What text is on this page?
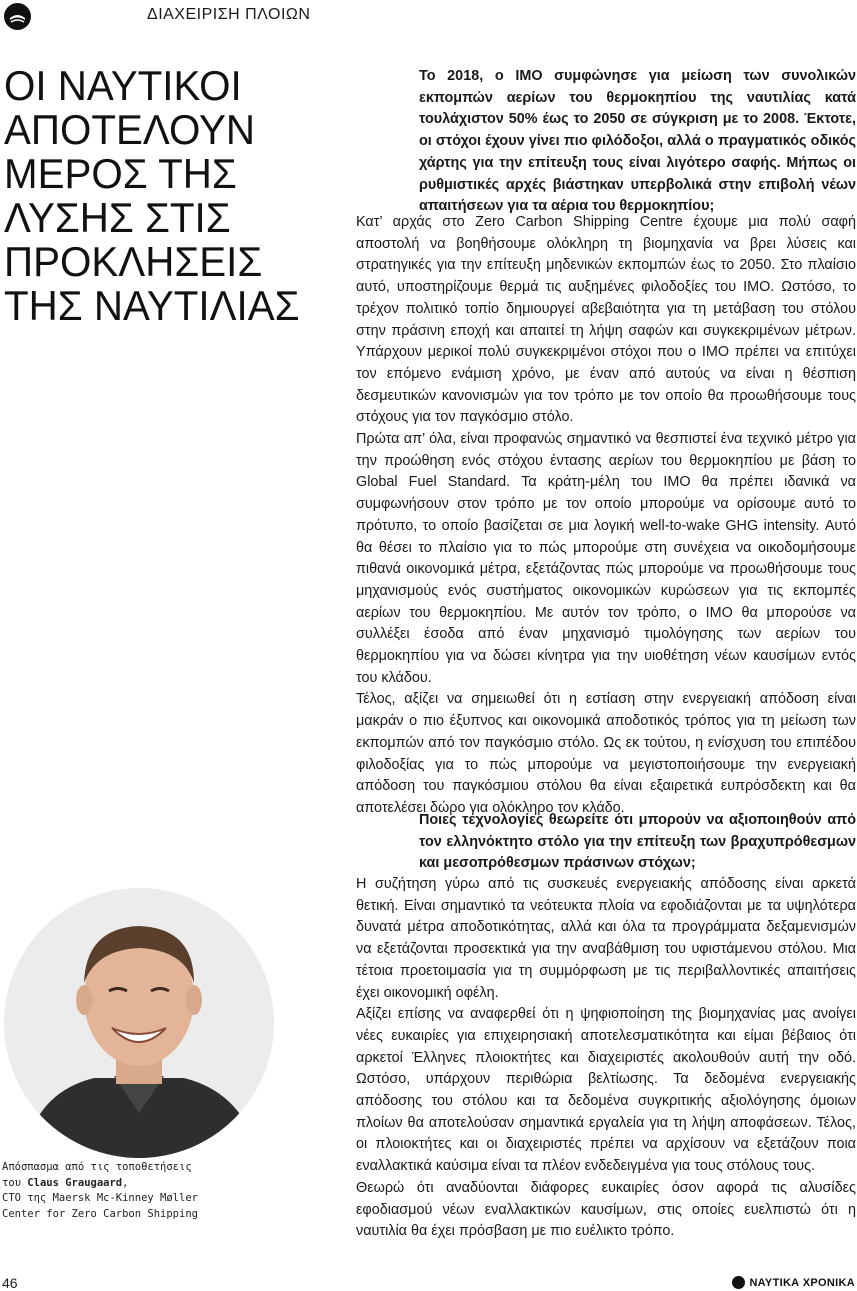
ΔΙΑΧΕΙΡΙΣΗ ΠΛΟΙΩΝ
ΟΙ ΝΑΥΤΙΚΟΙ
ΑΠΟΤΕΛΟΥΝ
ΜΕΡΟΣ ΤΗΣ
ΛΥΣΗΣ ΣΤΙΣ
ΠΡΟΚΛΗΣΕΙΣ
ΤΗΣ ΝΑΥΤΙΛΙΑΣ

Το 2018, ο IMO συμφώνησε για μείωση των συνολικών εκπομπών αερίων του θερμοκηπίου της ναυτιλίας κατά τουλάχιστον 50% έως το 2050 σε σύγκριση με το 2008. Έκτοτε, οι στόχοι έχουν γίνει πιο φιλόδοξοι, αλλά ο πραγματικός οδικός χάρτης για την επίτευξη τους είναι λιγότερο σαφής. Μήπως οι ρυθμιστικές αρχές βιάστηκαν υπερβολικά στην επιβολή νέων απαιτήσεων για τα αέρια του θερμοκηπίου;

Κατ’ αρχάς στο Zero Carbon Shipping Centre έχουμε μια πολύ σαφή αποστολή να βοηθήσουμε ολόκληρη τη βιομηχανία να βρει λύσεις και στρατηγικές για την επίτευξη μηδενικών εκπομπών έως το 2050. Στο πλαίσιο αυτό, υποστηρίζουμε θερμά τις αυξημένες φιλοδοξίες του IMO. Ωστόσο, το τρέχον πολιτικό τοπίο δημιουργεί αβεβαιότητα για τη μετάβαση του στόλου στην πράσινη εποχή και απαιτεί τη λήψη σαφών και συγκεκριμένων μέτρων. Υπάρχουν μερικοί πολύ συγκεκριμένοι στόχοι που ο IMO πρέπει να επιτύχει τον επόμενο ενάμιση χρόνο, με έναν από αυτούς να είναι η θέσπιση δεσμευτικών κανονισμών για τον τρόπο με τον οποίο θα προωθήσουμε τους στόχους για τον παγκόσμιο στόλο.

Πρώτα απ’ όλα, είναι προφανώς σημαντικό να θεσπιστεί ένα τεχνικό μέτρο για την προώθηση ενός στόχου έντασης αερίων του θερμοκηπίου με βάση το Global Fuel Standard. Τα κράτη-μέλη του IMO θα πρέπει ιδανικά να συμφωνήσουν στον τρόπο με τον οποίο μπορούμε να ορίσουμε αυτό το πρότυπο, το οποίο βασίζεται σε μια λογική well-to-wake GHG intensity. Αυτό θα θέσει το πλαίσιο για το πώς μπορούμε στη συνέχεια να οικοδομήσουμε πιθανά οικονομικά μέτρα, εξετάζοντας πώς μπορούμε να προωθήσουμε τους μηχανισμούς ενός συστήματος οικονομικών κυρώσεων για τις εκπομπές αερίων του θερμοκηπίου. Με αυτόν τον τρόπο, ο IMO θα μπορούσε να συλλέξει έσοδα από έναν μηχανισμό τιμολόγησης των αερίων του θερμοκηπίου για να δώσει κίνητρα για την υιοθέτηση νέων καυσίμων εντός του κλάδου.

Τέλος, αξίζει να σημειωθεί ότι η εστίαση στην ενεργειακή απόδοση είναι μακράν ο πιο έξυπνος και οικονομικά αποδοτικός τρόπος για τη μείωση των εκπομπών από τον παγκόσμιο στόλο. Ως εκ τούτου, η ενίσχυση του επιπέδου φιλοδοξίας για το πώς μπορούμε να μεγιστοποιήσουμε την ενεργειακή απόδοση του παγκόσμιου στόλου θα είναι εξαιρετικά ευπρόσδεκτη και θα αποτελέσει δώρο για ολόκληρο τον κλάδο.

Ποιες τεχνολογίες θεωρείτε ότι μπορούν να αξιοποιηθούν από τον ελληνόκτητο στόλο για την επίτευξη των βραχυπρόθεσμων και μεσοπρόθεσμων πράσινων στόχων;

Η συζήτηση γύρω από τις συσκευές ενεργειακής απόδοσης είναι αρκετά θετική. Είναι σημαντικό τα νεότευκτα πλοία να εφοδιάζονται με τα υψηλότερα δυνατά μέτρα αποδοτικότητας, αλλά και όλα τα προγράμματα δεξαμενισμών να εξετάζονται προσεκτικά για την αναβάθμιση του υφιστάμενου στόλου. Μια τέτοια προετοιμασία για τη συμμόρφωση με τις περιβαλλοντικές απαιτήσεις έχει οικονομική οφέλη.

Αξίζει επίσης να αναφερθεί ότι η ψηφιοποίηση της βιομηχανίας μας ανοίγει νέες ευκαιρίες για επιχειρησιακή αποτελεσματικότητα και είμαι βέβαιος ότι αρκετοί Έλληνες πλοιοκτήτες και διαχειριστές ακολουθούν αυτή την οδό. Ωστόσο, υπάρχουν περιθώρια βελτίωσης. Τα δεδομένα ενεργειακής απόδοσης του στόλου και τα δεδομένα συγκριτικής αξιολόγησης όμοιων πλοίων θα αποτελούσαν σημαντικά εργαλεία για τη λήψη αποφάσεων. Τέλος, οι πλοιοκτήτες και οι διαχειριστές πρέπει να αρχίσουν να εξετάζουν ποια εναλλακτικά καύσιμα είναι τα πλέον ενδεδειγμένα για τους στόλους τους.

Θεωρώ ότι αναδύονται διάφορες ευκαιρίες όσον αφορά τις αλυσίδες εφοδιασμού νέων εναλλακτικών καυσίμων, στις οποίες ευελπιστώ ότι η ναυτιλία θα έχει πρόσβαση με πιο ευέλικτο τρόπο.

Απόσπασμα από τις τοποθετήσεις
του Claus Graugaard,
CTO της Maersk Mc-Kinney Møller
Center for Zero Carbon Shipping
46	ΝΑΥΤΙΚΑ ΧΡΟΝΙΚΑ
